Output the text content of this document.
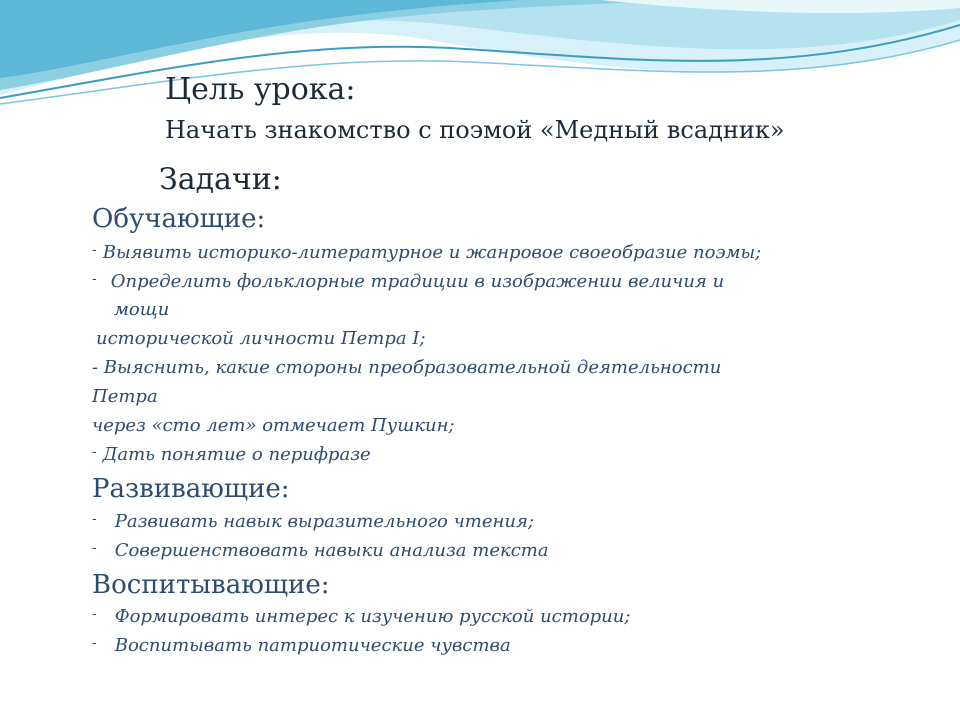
Цель урока:
Начать знакомство с поэмой «Медный всадник»
Задачи:
Обучающие:
- Выявить историко-литературное и жанровое своеобразие поэмы;
- Определить фольклорные традиции в изображении величия и
мощи
исторической личности Петра I;
- Выяснить, какие стороны преобразовательной деятельности
Петра
через «сто лет» отмечает Пушкин;
- Дать понятие о перифразе
Развивающие:
- Развивать навык выразительного чтения;
- Совершенствовать навыки анализа текста
Воспитывающие:
- Формировать интерес к изучению русской истории;
- Воспитывать патриотические чувства
